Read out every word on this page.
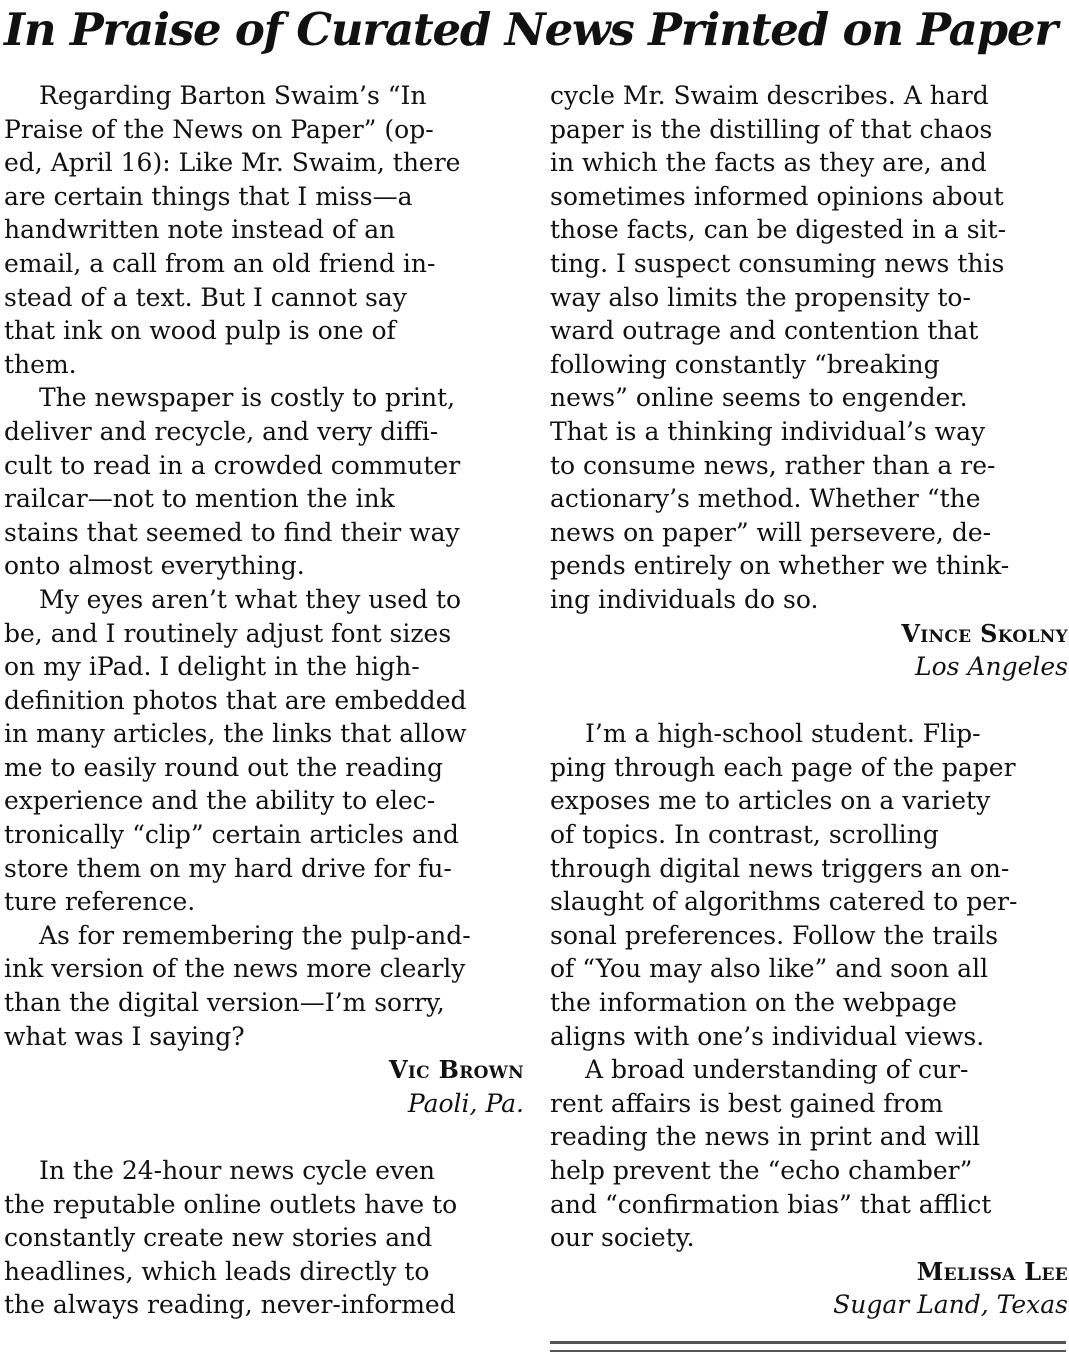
In Praise of Curated News Printed on Paper
Regarding Barton Swaim’s “In
Praise of the News on Paper” (op-
ed, April 16): Like Mr. Swaim, there
are certain things that I miss—a
handwritten note instead of an
email, a call from an old friend in-
stead of a text. But I cannot say
that ink on wood pulp is one of
them.
The newspaper is costly to print,
deliver and recycle, and very diffi-
cult to read in a crowded commuter
railcar—not to mention the ink
stains that seemed to find their way
onto almost everything.
My eyes aren’t what they used to
be, and I routinely adjust font sizes
on my iPad. I delight in the high-
definition photos that are embedded
in many articles, the links that allow
me to easily round out the reading
experience and the ability to elec-
tronically “clip” certain articles and
store them on my hard drive for fu-
ture reference.
As for remembering the pulp-and-
ink version of the news more clearly
than the digital version—I’m sorry,
what was I saying?
Vic Brown
Paoli, Pa.
In the 24-hour news cycle even
the reputable online outlets have to
constantly create new stories and
headlines, which leads directly to
the always reading, never-informed
cycle Mr. Swaim describes. A hard
paper is the distilling of that chaos
in which the facts as they are, and
sometimes informed opinions about
those facts, can be digested in a sit-
ting. I suspect consuming news this
way also limits the propensity to-
ward outrage and contention that
following constantly “breaking
news” online seems to engender.
That is a thinking individual’s way
to consume news, rather than a re-
actionary’s method. Whether “the
news on paper” will persevere, de-
pends entirely on whether we think-
ing individuals do so.
Vince Skolny
Los Angeles
I’m a high-school student. Flip-
ping through each page of the paper
exposes me to articles on a variety
of topics. In contrast, scrolling
through digital news triggers an on-
slaught of algorithms catered to per-
sonal preferences. Follow the trails
of “You may also like” and soon all
the information on the webpage
aligns with one’s individual views.
A broad understanding of cur-
rent affairs is best gained from
reading the news in print and will
help prevent the “echo chamber”
and “confirmation bias” that afflict
our society.
Melissa Lee
Sugar Land, Texas
